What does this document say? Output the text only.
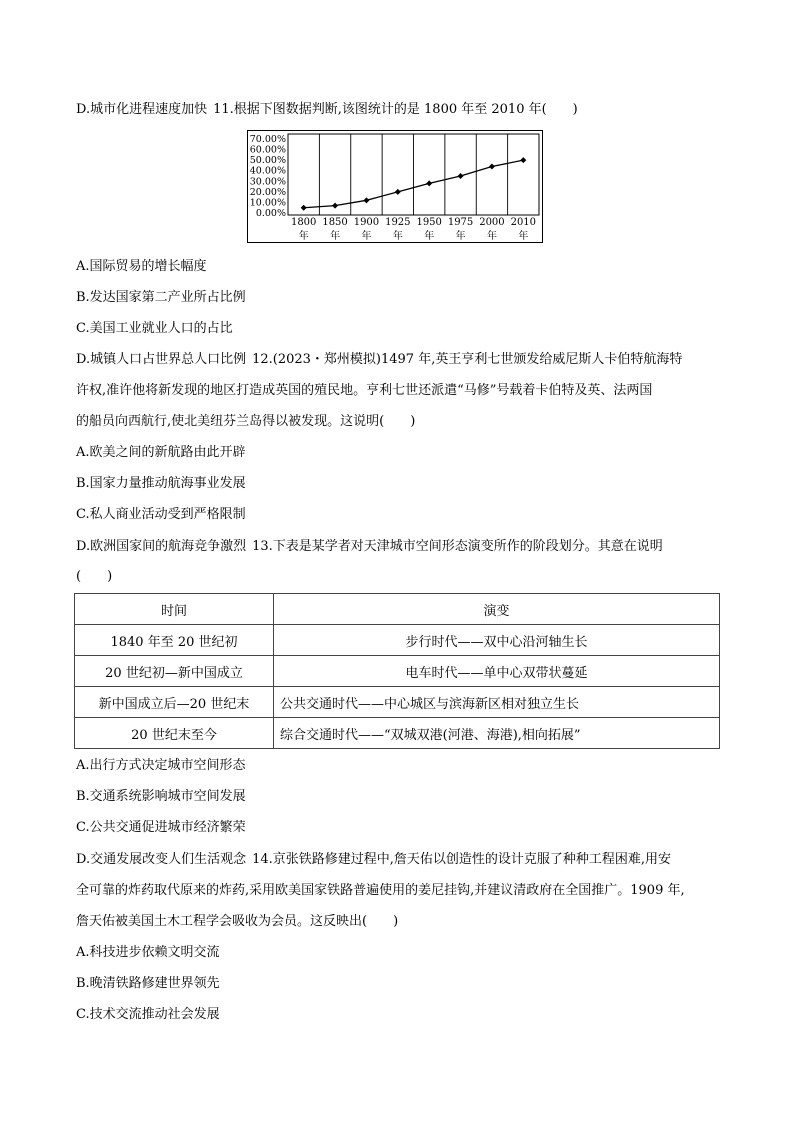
D.城市化进程速度加快 11.根据下图数据判断,该图统计的是 1800 年至 2010 年(　　)
70.00%
60.00%
50.00%
40.00%
30.00%
20.00%
10.00%
0.00%
1800
年
1850
年
1900
年
1925
年
1950
年
1975
年
2000
年
2010
年
A.国际贸易的增长幅度
B.发达国家第二产业所占比例
C.美国工业就业人口的占比
D.城镇人口占世界总人口比例 12.(2023・郑州模拟)1497 年,英王亨利七世颁发给威尼斯人卡伯特航海特
许权,准许他将新发现的地区打造成英国的殖民地。亨利七世还派遣“马修”号载着卡伯特及英、法两国
的船员向西航行,使北美纽芬兰岛得以被发现。这说明(　　)
A.欧美之间的新航路由此开辟
B.国家力量推动航海事业发展
C.私人商业活动受到严格限制
D.欧洲国家间的航海竞争激烈 13.下表是某学者对天津城市空间形态演变所作的阶段划分。其意在说明
(　　)
时间	演变
1840 年至 20 世纪初	步行时代——双中心沿河轴生长
20 世纪初—新中国成立	电车时代——单中心双带状蔓延
新中国成立后—20 世纪末	公共交通时代——中心城区与滨海新区相对独立生长
20 世纪末至今	综合交通时代——“双城双港(河港、海港),相向拓展”
A.出行方式决定城市空间形态
B.交通系统影响城市空间发展
C.公共交通促进城市经济繁荣
D.交通发展改变人们生活观念 14.京张铁路修建过程中,詹天佑以创造性的设计克服了种种工程困难,用安
全可靠的炸药取代原来的炸药,采用欧美国家铁路普遍使用的姜尼挂钩,并建议清政府在全国推广。1909 年,
詹天佑被美国土木工程学会吸收为会员。这反映出(　　)
A.科技进步依赖文明交流
B.晚清铁路修建世界领先
C.技术交流推动社会发展
